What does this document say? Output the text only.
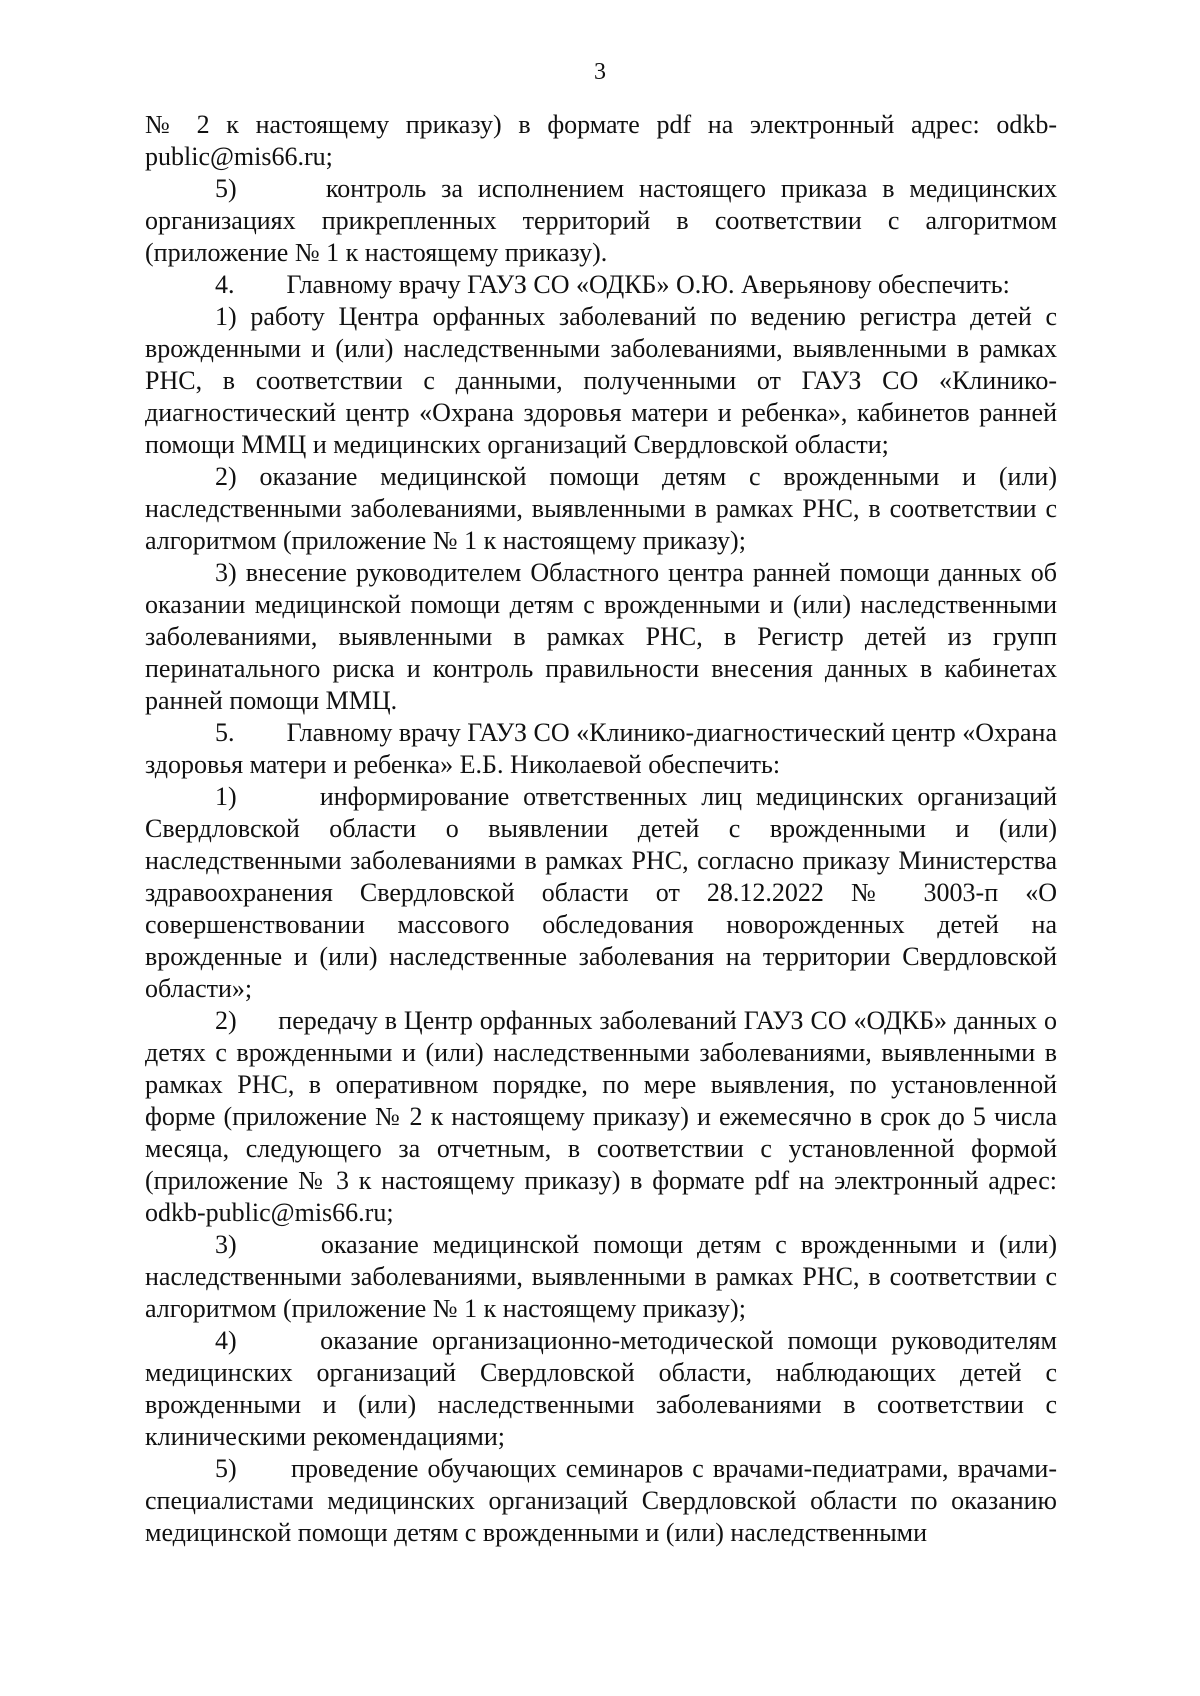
3

№ 2 к настоящему приказу) в формате pdf на электронный адрес: odkb-public@mis66.ru;

5)      контроль за исполнением настоящего приказа в медицинских организациях прикрепленных территорий в соответствии с алгоритмом (приложение № 1 к настоящему приказу).

4.        Главному врачу ГАУЗ СО «ОДКБ» О.Ю. Аверьянову обеспечить:

1) работу Центра орфанных заболеваний по ведению регистра детей с врожденными и (или) наследственными заболеваниями, выявленными в рамках РНС, в соответствии с данными, полученными от ГАУЗ СО «Клинико-диагностический центр «Охрана здоровья матери и ребенка», кабинетов ранней помощи ММЦ и медицинских организаций Свердловской области;

2) оказание медицинской помощи детям с врожденными и (или) наследственными заболеваниями, выявленными в рамках РНС, в соответствии с алгоритмом (приложение № 1 к настоящему приказу);

3) внесение руководителем Областного центра ранней помощи данных об оказании медицинской помощи детям с врожденными и (или) наследственными заболеваниями, выявленными в рамках РНС, в Регистр детей из групп перинатального риска и контроль правильности внесения данных в кабинетах ранней помощи ММЦ.

5.        Главному врачу ГАУЗ СО «Клинико-диагностический центр «Охрана здоровья матери и ребенка» Е.Б. Николаевой обеспечить:

1)      информирование ответственных лиц медицинских организаций Свердловской области о выявлении детей с врожденными и (или) наследственными заболеваниями в рамках РНС, согласно приказу Министерства здравоохранения Свердловской области от 28.12.2022 № 3003-п «О совершенствовании массового обследования новорожденных детей на врожденные и (или) наследственные заболевания на территории Свердловской области»;

2)      передачу в Центр орфанных заболеваний ГАУЗ СО «ОДКБ» данных о детях с врожденными и (или) наследственными заболеваниями, выявленными в рамках РНС, в оперативном порядке, по мере выявления, по установленной форме (приложение № 2 к настоящему приказу) и ежемесячно в срок до 5 числа месяца, следующего за отчетным, в соответствии с установленной формой (приложение № 3 к настоящему приказу) в формате pdf на электронный адрес: odkb-public@mis66.ru;

3)      оказание медицинской помощи детям с врожденными и (или) наследственными заболеваниями, выявленными в рамках РНС, в соответствии с алгоритмом (приложение № 1 к настоящему приказу);

4)      оказание организационно-методической помощи руководителям медицинских организаций Свердловской области, наблюдающих детей с врожденными и (или) наследственными заболеваниями в соответствии с клиническими рекомендациями;

5)      проведение обучающих семинаров с врачами-педиатрами, врачами-специалистами медицинских организаций Свердловской области по оказанию медицинской помощи детям с врожденными и (или) наследственными
